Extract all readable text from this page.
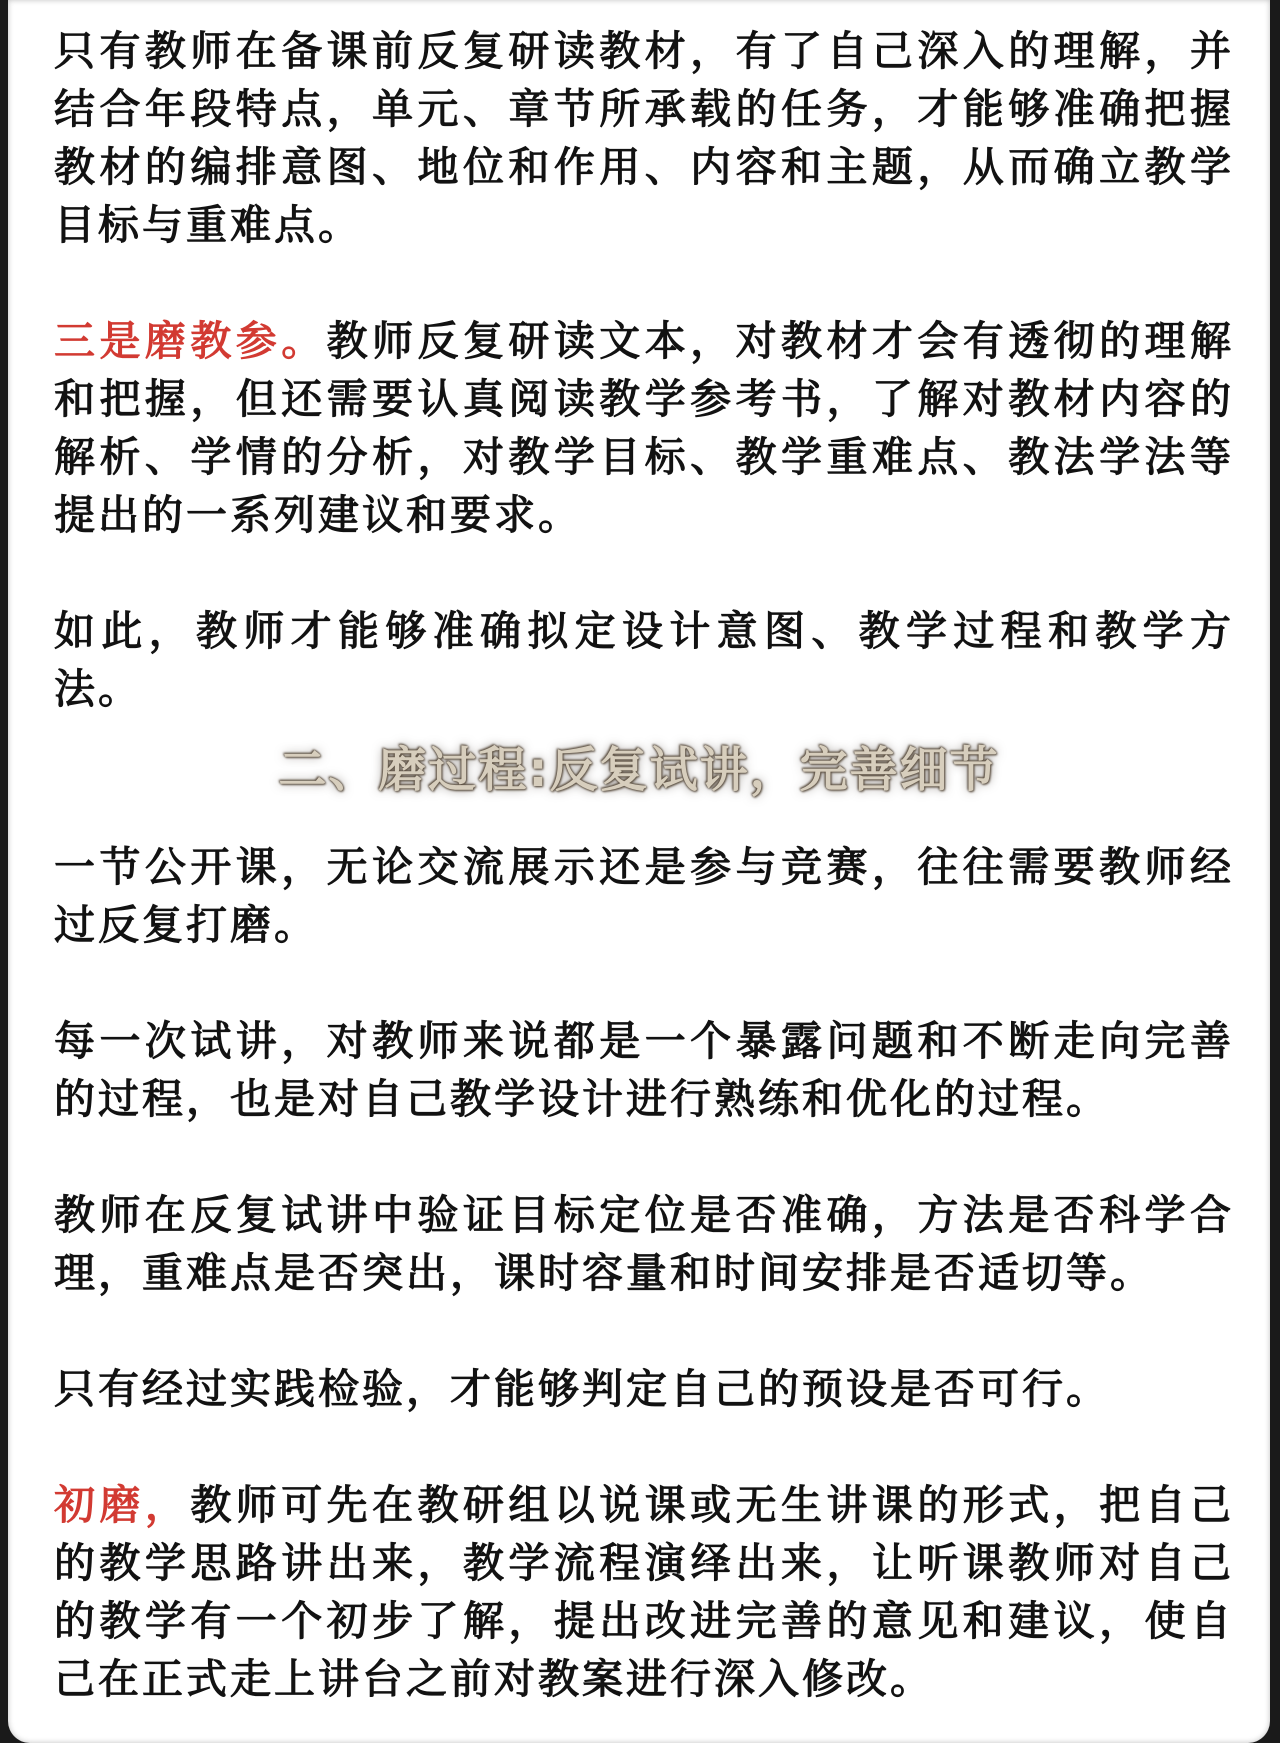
只有教师在备课前反复研读教材，有了自己深入的理解，并结合年段特点，单元、章节所承载的任务，才能够准确把握教材的编排意图、地位和作用、内容和主题，从而确立教学目标与重难点。

三是磨教参。教师反复研读文本，对教材才会有透彻的理解和把握，但还需要认真阅读教学参考书，了解对教材内容的解析、学情的分析，对教学目标、教学重难点、教法学法等提出的一系列建议和要求。

如此，教师才能够准确拟定设计意图、教学过程和教学方法。

二、磨过程:反复试讲，完善细节

一节公开课，无论交流展示还是参与竞赛，往往需要教师经过反复打磨。

每一次试讲，对教师来说都是一个暴露问题和不断走向完善的过程，也是对自己教学设计进行熟练和优化的过程。

教师在反复试讲中验证目标定位是否准确，方法是否科学合理，重难点是否突出，课时容量和时间安排是否适切等。

只有经过实践检验，才能够判定自己的预设是否可行。

初磨，教师可先在教研组以说课或无生讲课的形式，把自己的教学思路讲出来，教学流程演绎出来，让听课教师对自己的教学有一个初步了解，提出改进完善的意见和建议，使自己在正式走上讲台之前对教案进行深入修改。
